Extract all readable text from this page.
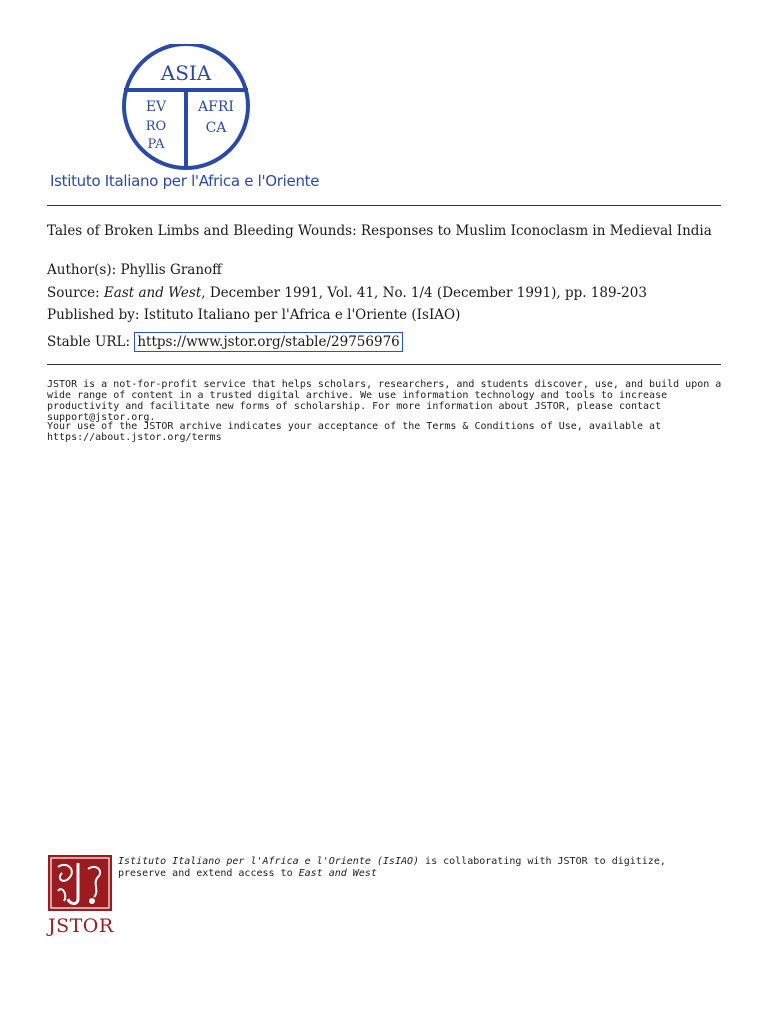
ASIA
EV
RO
PA
AFRI
CA
Istituto Italiano per l'Africa e l'Oriente
Tales of Broken Limbs and Bleeding Wounds: Responses to Muslim Iconoclasm in Medieval India
Author(s): Phyllis Granoff
Source: East and West, December 1991, Vol. 41, No. 1/4 (December 1991), pp. 189-203
Published by: Istituto Italiano per l'Africa e l'Oriente (IsIAO)
Stable URL: https://www.jstor.org/stable/29756976
JSTOR is a not-for-profit service that helps scholars, researchers, and students discover, use, and build upon a wide range of content in a trusted digital archive. We use information technology and tools to increase productivity and facilitate new forms of scholarship. For more information about JSTOR, please contact support@jstor.org.
Your use of the JSTOR archive indicates your acceptance of the Terms & Conditions of Use, available at https://about.jstor.org/terms
JSTOR
Istituto Italiano per l'Africa e l'Oriente (IsIAO) is collaborating with JSTOR to digitize, preserve and extend access to East and West
